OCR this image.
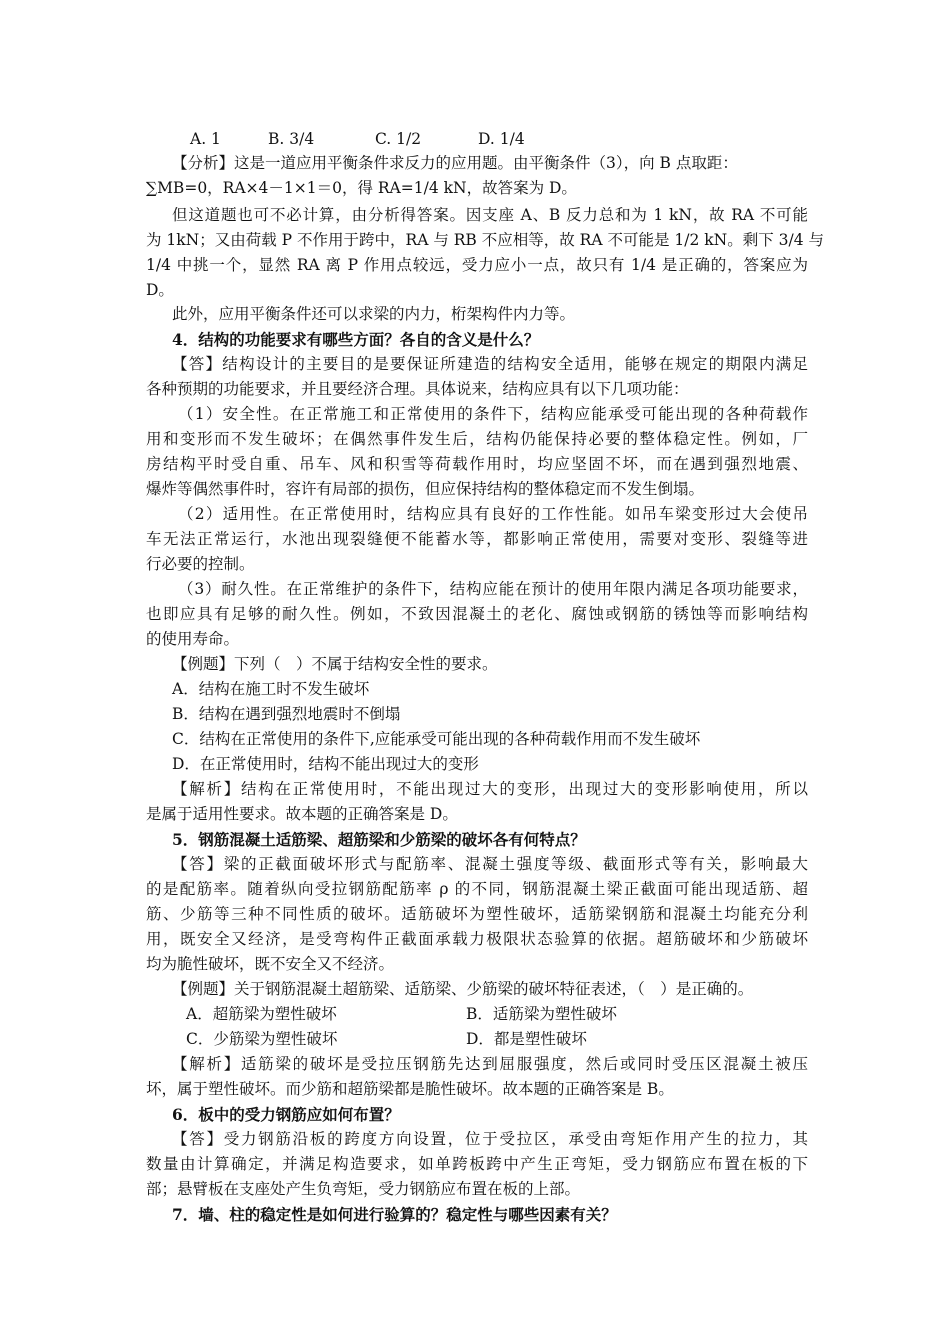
A. 1	B. 3/4	C. 1/2	D. 1/4
【分析】这是一道应用平衡条件求反力的应用题。由平衡条件（3），向 B 点取距：
∑MB=0，RA×4－1×1＝0，得 RA=1/4 kN，故答案为 D。
但这道题也可不必计算，由分析得答案。因支座 A、B 反力总和为 1 kN，故 RA 不可能
为 1kN；又由荷载 P 不作用于跨中，RA 与 RB 不应相等，故 RA 不可能是 1/2 kN。剩下 3/4 与
1/4 中挑一个，显然 RA 离 P 作用点较远，受力应小一点，故只有 1/4 是正确的，答案应为
D。
此外，应用平衡条件还可以求梁的内力，桁架构件内力等。
4．结构的功能要求有哪些方面？各自的含义是什么？
【答】结构设计的主要目的是要保证所建造的结构安全适用，能够在规定的期限内满足
各种预期的功能要求，并且要经济合理。具体说来，结构应具有以下几项功能：
（1）安全性。在正常施工和正常使用的条件下，结构应能承受可能出现的各种荷载作
用和变形而不发生破坏；在偶然事件发生后，结构仍能保持必要的整体稳定性。例如，厂
房结构平时受自重、吊车、风和积雪等荷载作用时，均应坚固不坏，而在遇到强烈地震、
爆炸等偶然事件时，容许有局部的损伤，但应保持结构的整体稳定而不发生倒塌。
（2）适用性。在正常使用时，结构应具有良好的工作性能。如吊车梁变形过大会使吊
车无法正常运行，水池出现裂缝便不能蓄水等，都影响正常使用，需要对变形、裂缝等进
行必要的控制。
（3）耐久性。在正常维护的条件下，结构应能在预计的使用年限内满足各项功能要求，
也即应具有足够的耐久性。例如，不致因混凝土的老化、腐蚀或钢筋的锈蚀等而影响结构
的使用寿命。
【例题】下列（　）不属于结构安全性的要求。
A．结构在施工时不发生破坏
B．结构在遇到强烈地震时不倒塌
C．结构在正常使用的条件下,应能承受可能出现的各种荷载作用而不发生破坏
D．在正常使用时，结构不能出现过大的变形
【解析】结构在正常使用时，不能出现过大的变形，出现过大的变形影响使用，所以
是属于适用性要求。故本题的正确答案是 D。
5．钢筋混凝土适筋梁、超筋梁和少筋梁的破坏各有何特点？
【答】梁的正截面破坏形式与配筋率、混凝土强度等级、截面形式等有关，影响最大
的是配筋率。随着纵向受拉钢筋配筋率 ρ 的不同，钢筋混凝土梁正截面可能出现适筋、超
筋、少筋等三种不同性质的破坏。适筋破坏为塑性破坏，适筋梁钢筋和混凝土均能充分利
用，既安全又经济，是受弯构件正截面承载力极限状态验算的依据。超筋破坏和少筋破坏
均为脆性破坏，既不安全又不经济。
【例题】关于钢筋混凝土超筋梁、适筋梁、少筋梁的破坏特征表述，（　）是正确的。
A．超筋梁为塑性破坏	B．适筋梁为塑性破坏
C．少筋梁为塑性破坏	D．都是塑性破坏
【解析】适筋梁的破坏是受拉压钢筋先达到屈服强度，然后或同时受压区混凝土被压
坏，属于塑性破坏。而少筋和超筋梁都是脆性破坏。故本题的正确答案是 B。
6．板中的受力钢筋应如何布置？
【答】受力钢筋沿板的跨度方向设置，位于受拉区，承受由弯矩作用产生的拉力，其
数量由计算确定，并满足构造要求，如单跨板跨中产生正弯矩，受力钢筋应布置在板的下
部；悬臂板在支座处产生负弯矩，受力钢筋应布置在板的上部。
7．墙、柱的稳定性是如何进行验算的？稳定性与哪些因素有关？
